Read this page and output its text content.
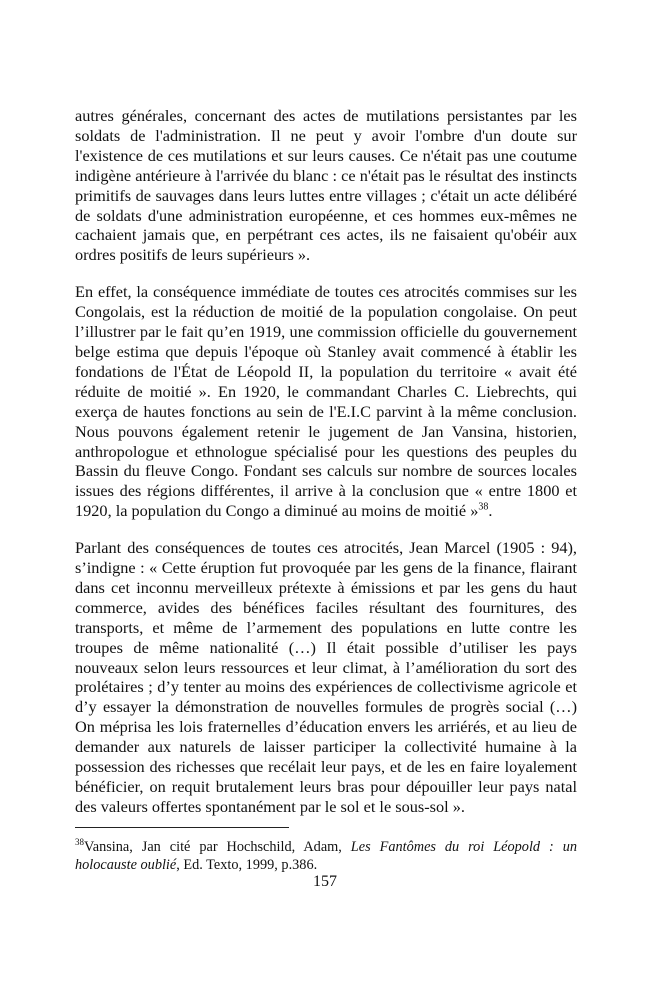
autres générales, concernant des actes de mutilations persistantes par les soldats de l'administration. Il ne peut y avoir l'ombre d'un doute sur l'existence de ces mutilations et sur leurs causes. Ce n'était pas une coutume indigène antérieure à l'arrivée du blanc : ce n'était pas le résultat des instincts primitifs de sauvages dans leurs luttes entre villages ; c'était un acte délibéré de soldats d'une administration européenne, et ces hommes eux-mêmes ne cachaient jamais que, en perpétrant ces actes, ils ne faisaient qu'obéir aux ordres positifs de leurs supérieurs ».

En effet, la conséquence immédiate de toutes ces atrocités commises sur les Congolais, est la réduction de moitié de la population congolaise. On peut l’illustrer par le fait qu’en 1919, une commission officielle du gouvernement belge estima que depuis l'époque où Stanley avait commencé à établir les fondations de l'État de Léopold II, la population du territoire « avait été réduite de moitié ». En 1920, le commandant Charles C. Liebrechts, qui exerça de hautes fonctions au sein de l'E.I.C parvint à la même conclusion. Nous pouvons également retenir le jugement de Jan Vansina, historien, anthropologue et ethnologue spécialisé pour les questions des peuples du Bassin du fleuve Congo. Fondant ses calculs sur nombre de sources locales issues des régions différentes, il arrive à la conclusion que « entre 1800 et 1920, la population du Congo a diminué au moins de moitié »$^{38}$.

Parlant des conséquences de toutes ces atrocités, Jean Marcel (1905 : 94), s’indigne : « Cette éruption fut provoquée par les gens de la finance, flairant dans cet inconnu merveilleux prétexte à émissions et par les gens du haut commerce, avides des bénéfices faciles résultant des fournitures, des transports, et même de l’armement des populations en lutte contre les troupes de même nationalité (…) Il était possible d’utiliser les pays nouveaux selon leurs ressources et leur climat, à l’amélioration du sort des prolétaires ; d’y tenter au moins des expériences de collectivisme agricole et d’y essayer la démonstration de nouvelles formules de progrès social (…) On méprisa les lois fraternelles d’éducation envers les arriérés, et au lieu de demander aux naturels de laisser participer la collectivité humaine à la possession des richesses que recélait leur pays, et de les en faire loyalement bénéficier, on requit brutalement leurs bras pour dépouiller leur pays natal des valeurs offertes spontanément par le sol et le sous-sol ».

$^{38}$Vansina, Jan cité par Hochschild, Adam, Les Fantômes du roi Léopold : un holocauste oublié, Ed. Texto, 1999, p.386.

157
